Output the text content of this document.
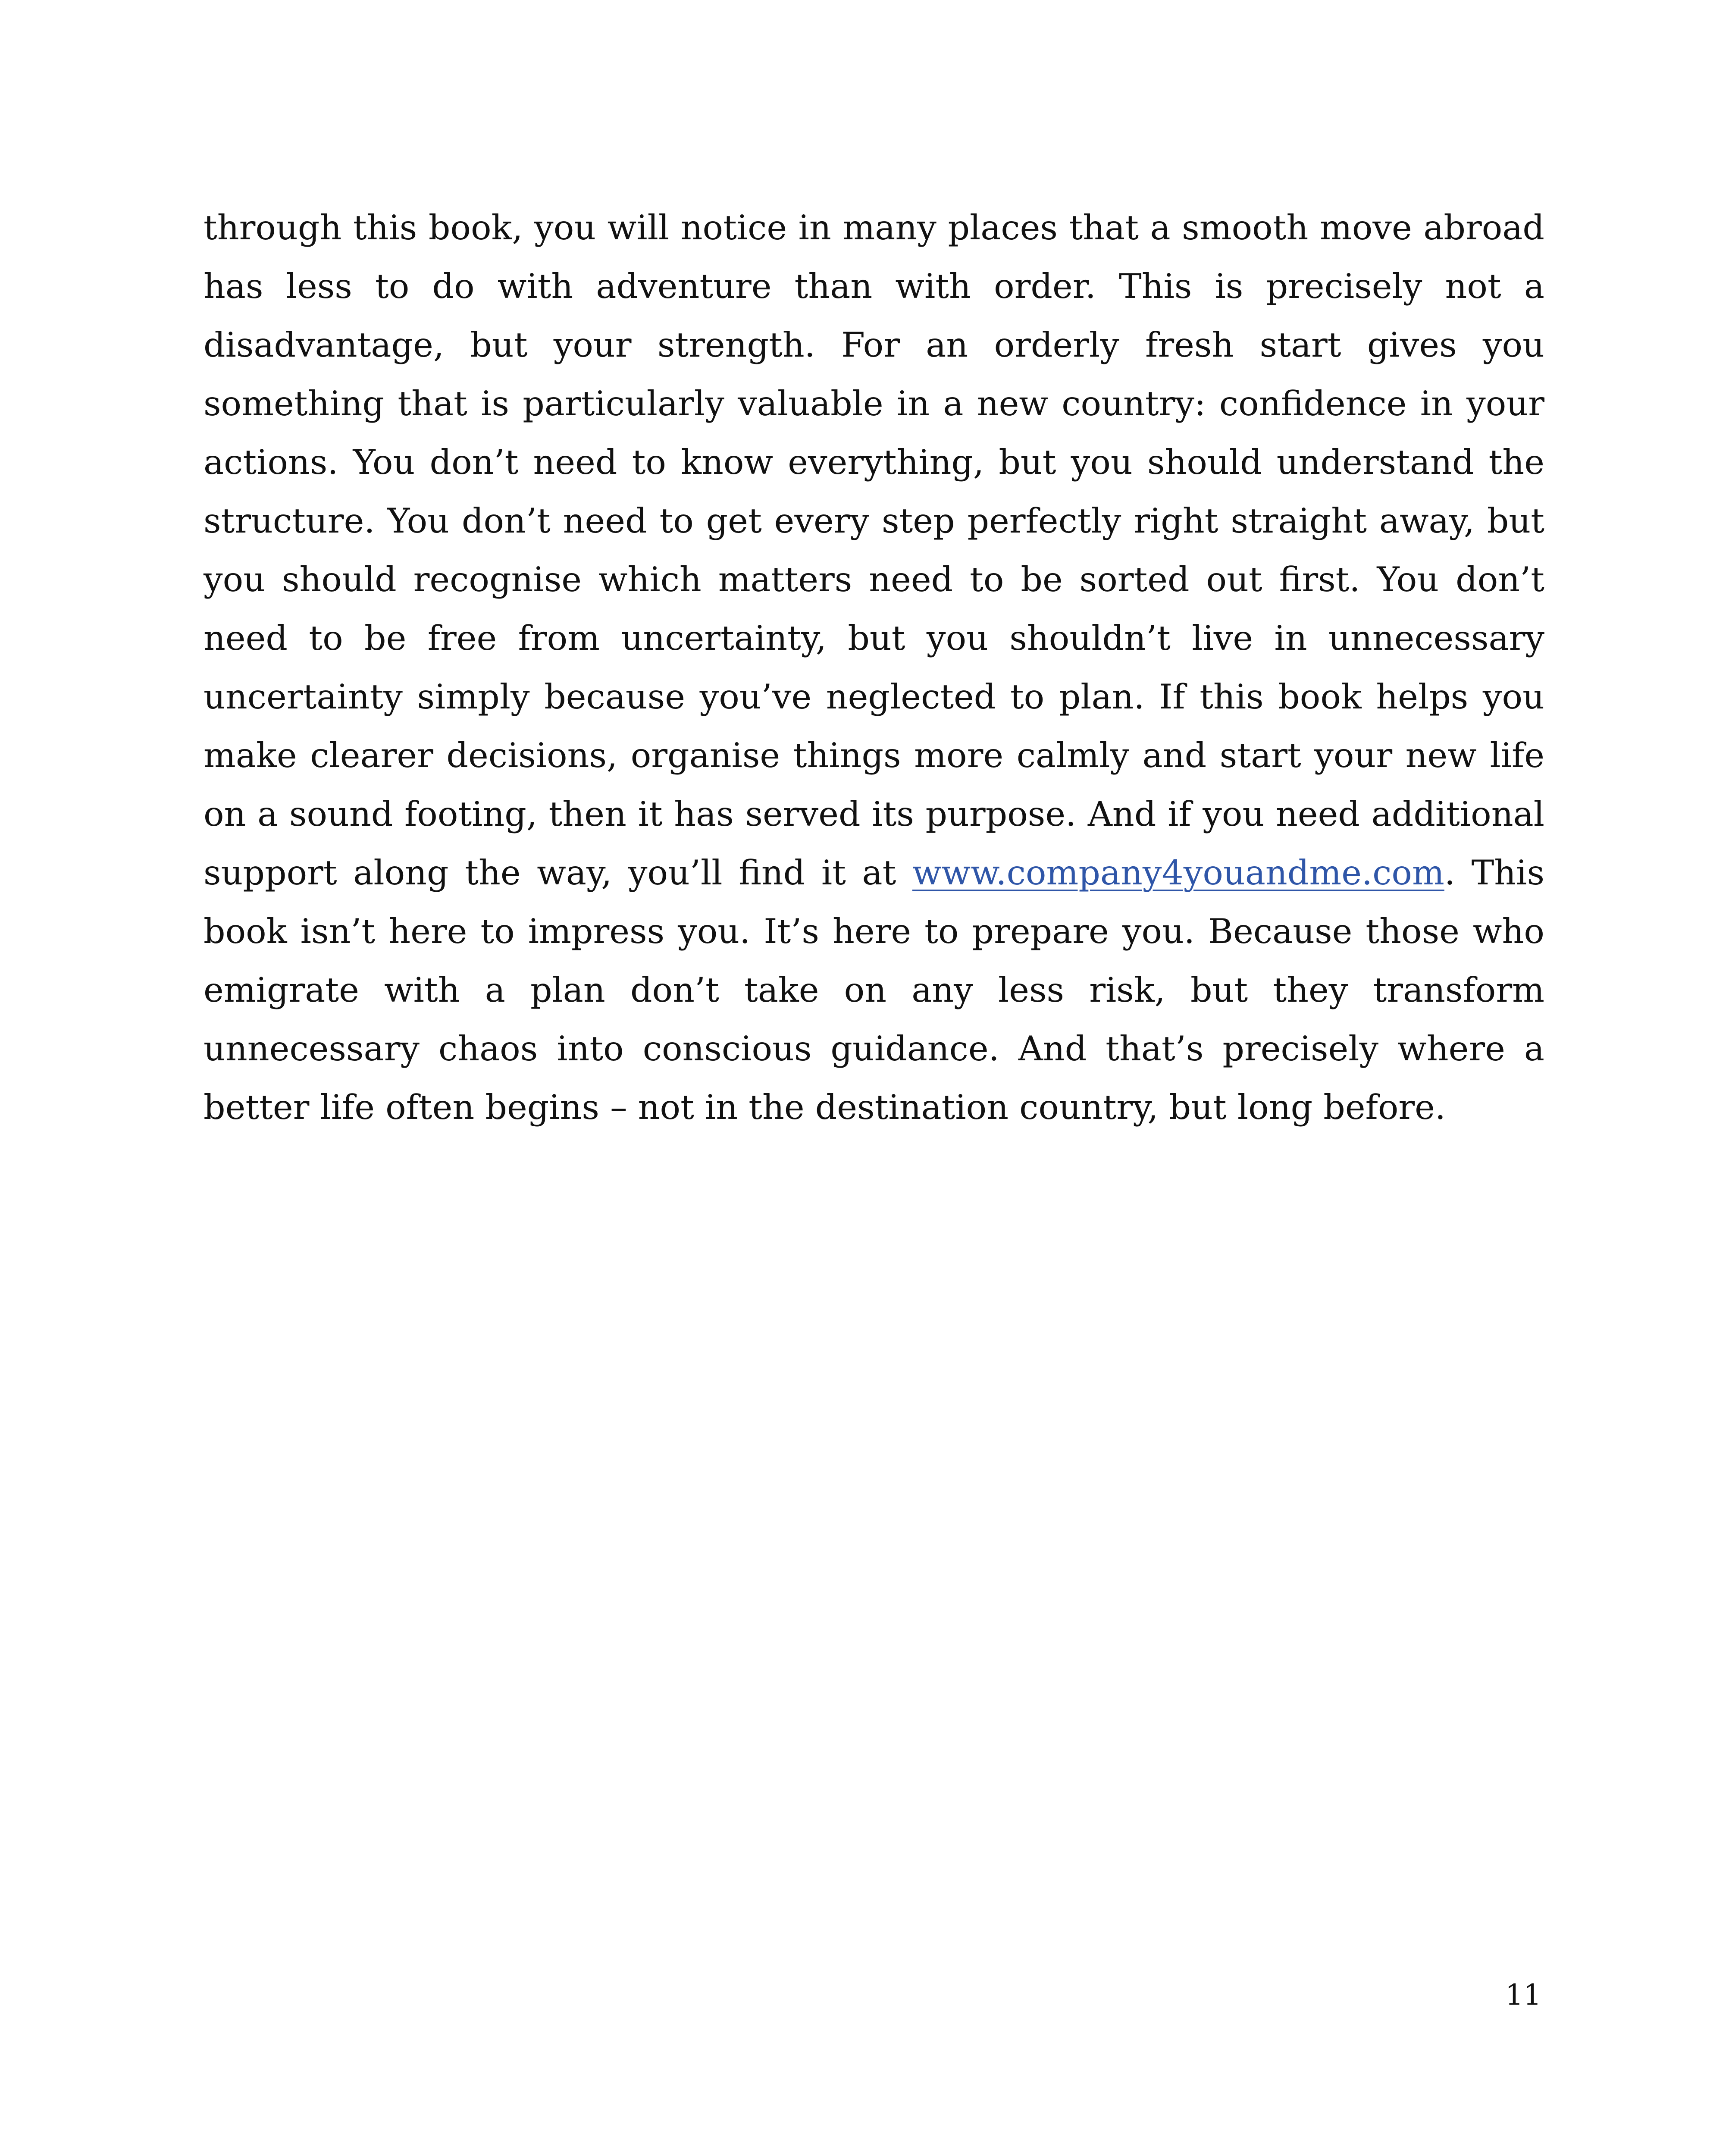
through this book, you will notice in many places that a smooth move abroad has less to do with adventure than with order. This is precisely not a disadvantage, but your strength. For an orderly fresh start gives you something that is particularly valuable in a new country: confidence in your actions. You don’t need to know everything, but you should understand the structure. You don’t need to get every step perfectly right straight away, but you should recognise which matters need to be sorted out first. You don’t need to be free from uncertainty, but you shouldn’t live in unnecessary uncertainty simply because you’ve neglected to plan. If this book helps you make clearer decisions, organise things more calmly and start your new life on a sound footing, then it has served its purpose. And if you need additional support along the way, you’ll find it at www.company4youandme.com. This book isn’t here to impress you. It’s here to prepare you. Because those who emigrate with a plan don’t take on any less risk, but they transform unnecessary chaos into conscious guidance. And that’s precisely where a better life often begins – not in the destination country, but long before.

11
